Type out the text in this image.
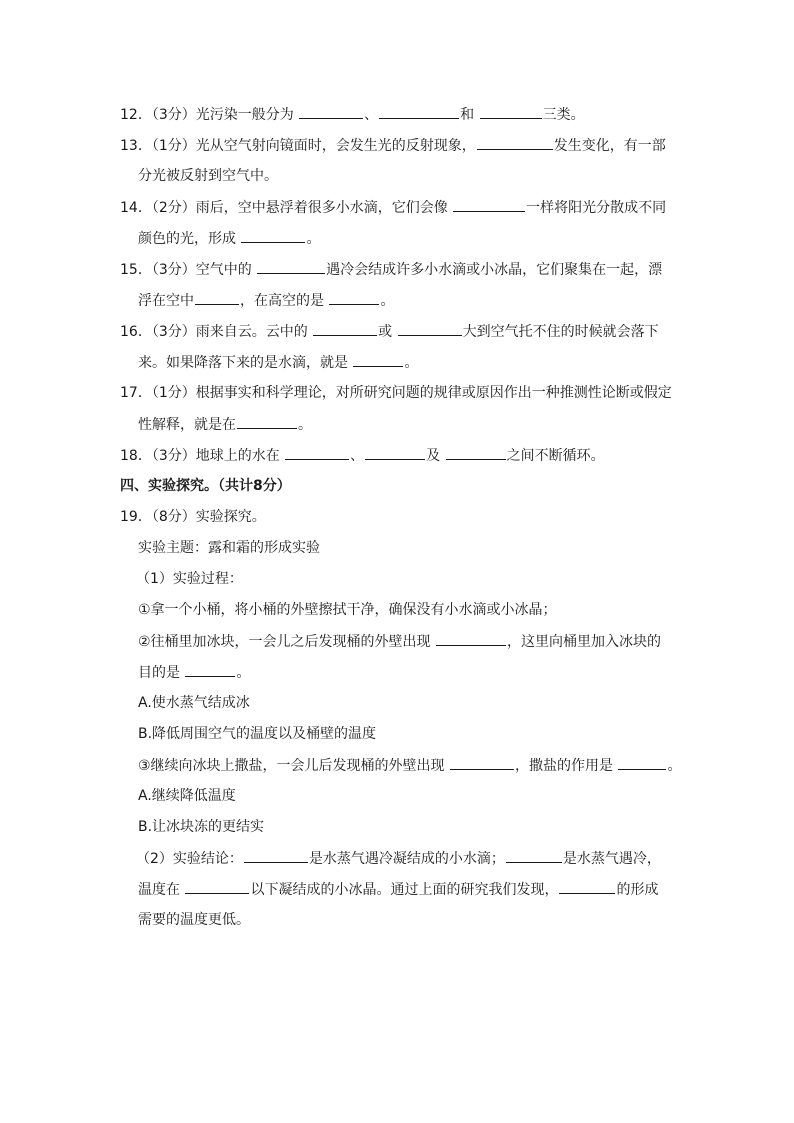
12．（3分）光污染一般分为	、	和	三类。
13．（1分）光从空气射向镜面时，会发生光的反射现象，	发生变化，有一部
分光被反射到空气中。
14．（2分）雨后，空中悬浮着很多小水滴，它们会像	一样将阳光分散成不同
颜色的光，形成	。
15．（3分）空气中的	遇冷会结成许多小水滴或小冰晶，它们聚集在一起，漂
浮在空中	，在高空的是	。
16．（3分）雨来自云。云中的	或	大到空气托不住的时候就会落下
来。如果降落下来的是水滴，就是	。
17．（1分）根据事实和科学理论，对所研究问题的规律或原因作出一种推测性论断或假定
性解释，就是在	。
18．（3分）地球上的水在	、	及	之间不断循环。
四、实验探究。（共计8分）
19．（8分）实验探究。
实验主题：露和霜的形成实验
（1）实验过程：
①拿一个小桶，将小桶的外壁擦拭干净，确保没有小水滴或小冰晶；
②往桶里加冰块，一会儿之后发现桶的外壁出现	，这里向桶里加入冰块的
目的是	。
A.使水蒸气结成冰
B.降低周围空气的温度以及桶壁的温度
③继续向冰块上撒盐，一会儿后发现桶的外壁出现	，撒盐的作用是	。
A.继续降低温度
B.让冰块冻的更结实
（2）实验结论：	是水蒸气遇冷凝结成的小水滴；	是水蒸气遇冷，
温度在	以下凝结成的小冰晶。通过上面的研究我们发现，	的形成
需要的温度更低。
